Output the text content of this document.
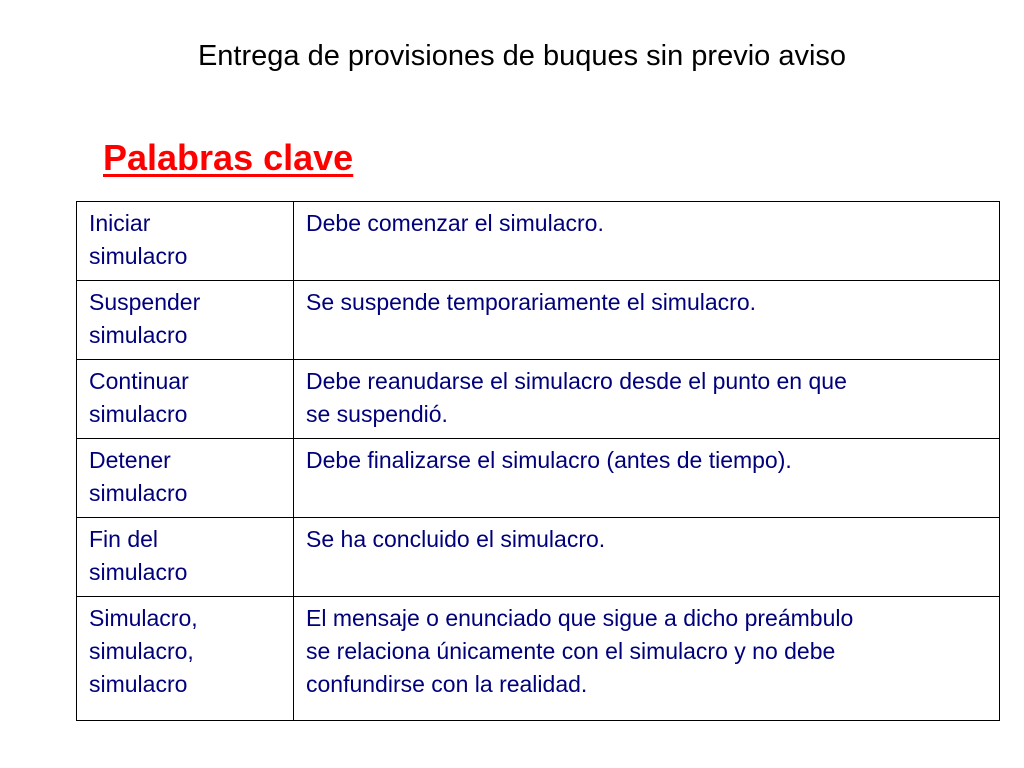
Entrega de provisiones de buques sin previo aviso
Palabras clave
Iniciar
simulacro	Debe comenzar el simulacro.
Suspender
simulacro	Se suspende temporariamente el simulacro.
Continuar
simulacro	Debe reanudarse el simulacro desde el punto en que
se suspendió.
Detener
simulacro	Debe finalizarse el simulacro (antes de tiempo).
Fin del
simulacro	Se ha concluido el simulacro.
Simulacro,
simulacro,
simulacro	El mensaje o enunciado que sigue a dicho preámbulo
se relaciona únicamente con el simulacro y no debe
confundirse con la realidad.
